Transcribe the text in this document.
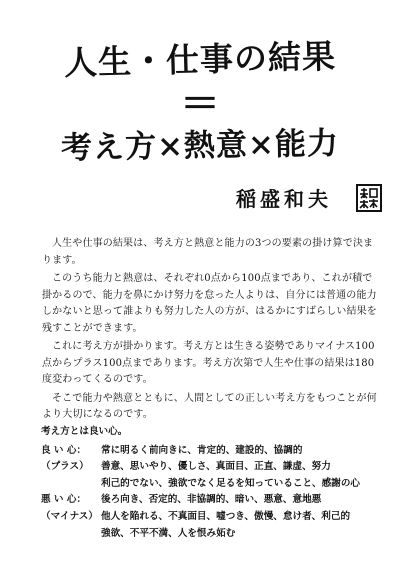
人生・仕事の結果
＝
考え方×熱意×能力
稲盛和夫

人生や仕事の結果は、考え方と熱意と能力の3つの要素の掛け算で決まります。

このうち能力と熱意は、それぞれ0点から100点まであり、これが積で掛かるので、能力を鼻にかけ努力を怠った人よりは、自分には普通の能力しかないと思って誰よりも努力した人の方が、はるかにすばらしい結果を残すことができます。

これに考え方が掛かります。考え方とは生きる姿勢でありマイナス100点からプラス100点まであります。考え方次第で人生や仕事の結果は180度変わってくるのです。

そこで能力や熱意とともに、人間としての正しい考え方をもつことが何より大切になるのです。

考え方とは良い心。
良 い 心：	常に明るく前向きに、肯定的、建設的、協調的
（プラス）	善意、思いやり、優しさ、真面目、正直、謙虚、努力
利己的でない、強欲でなく足るを知っていること、感謝の心
悪 い 心：	後ろ向き、否定的、非協調的、暗い、悪意、意地悪
（マイナス） 他人を陥れる、不真面目、嘘つき、傲慢、怠け者、利己的
強欲、不平不満、人を恨み妬む
